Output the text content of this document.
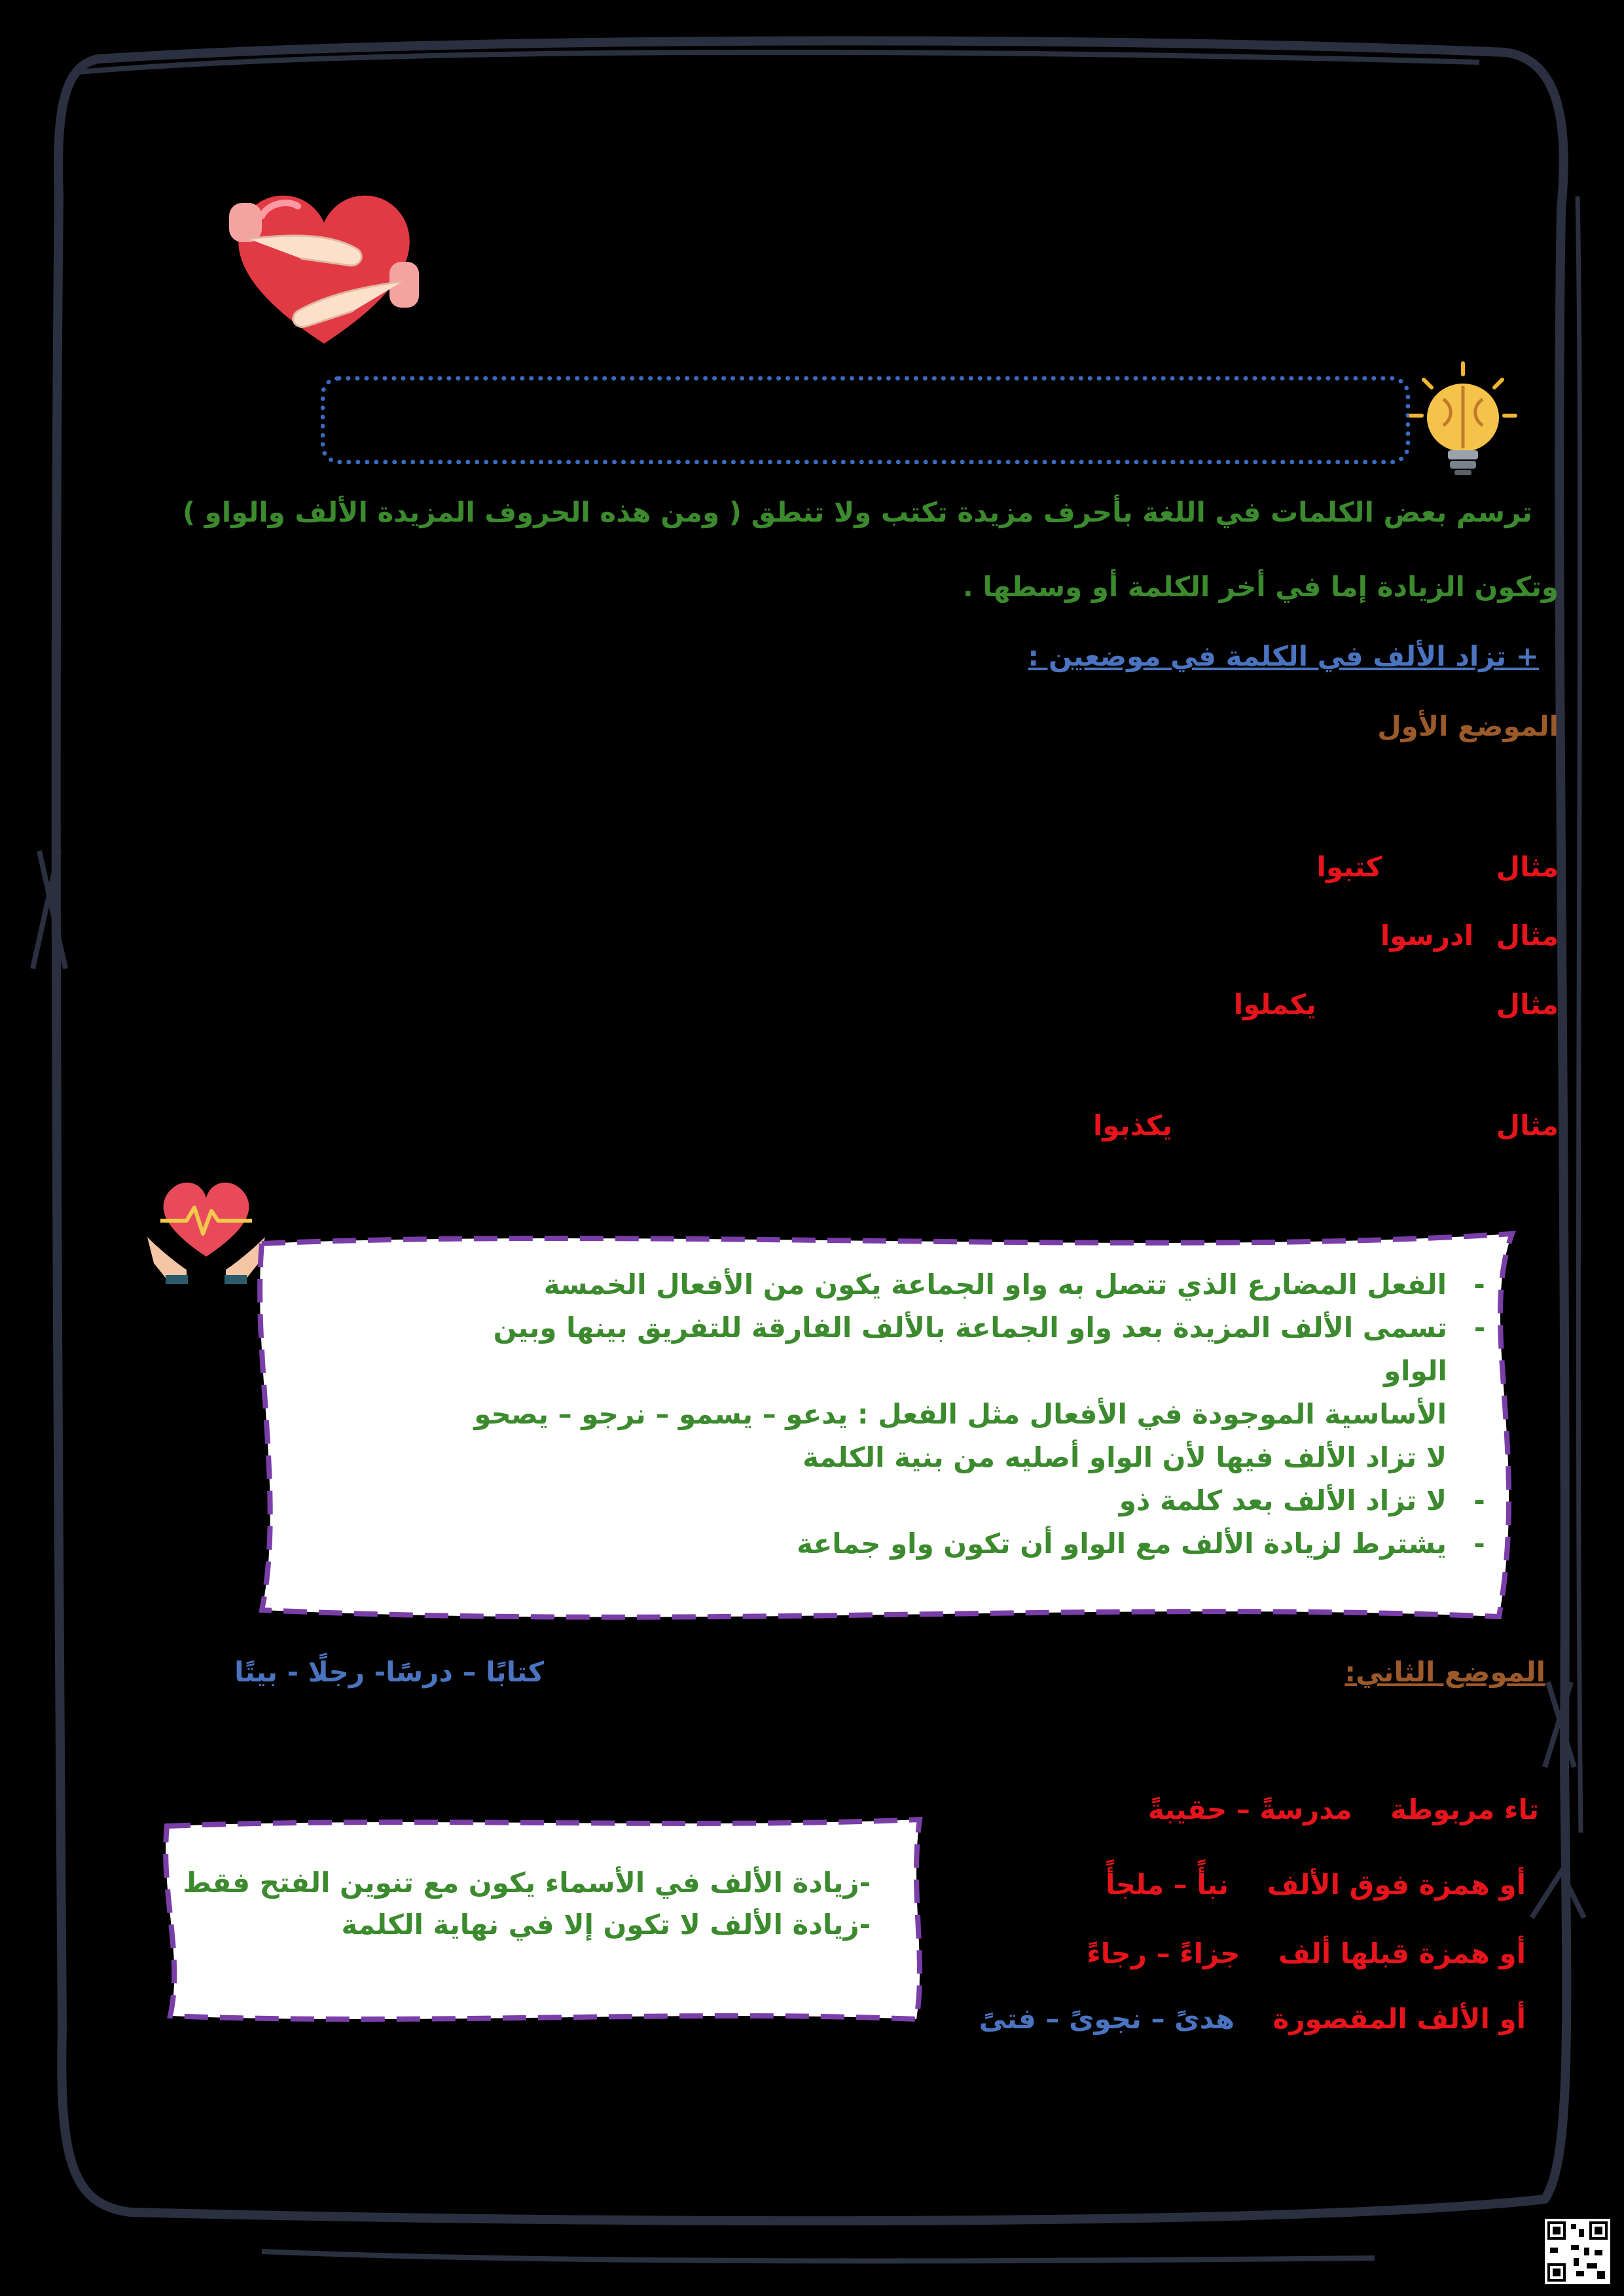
ترسم بعض الكلمات في اللغة بأحرف مزيدة تكتب ولا تنطق ( ومن هذه الحروف المزيدة الألف والواو )
وتكون الزيادة إما في أخر الكلمة أو وسطها .
+ تزاد الألف في الكلمة في موضعين :
الموضع الأول
مثال
كتبوا
مثال
ادرسوا
مثال
يكملوا
مثال
يكذبوا
-
الفعل المضارع الذي تتصل به واو الجماعة يكون من الأفعال الخمسة
-
تسمى الألف المزيدة بعد واو الجماعة بالألف الفارقة للتفريق بينها وبين الواو
الأساسية الموجودة في الأفعال مثل الفعل : يدعو – يسمو – نرجو – يصحو
لا تزاد الألف فيها لأن الواو أصليه من بنية الكلمة
-
لا تزاد الألف بعد كلمة ذو
-
يشترط لزيادة الألف مع الواو أن تكون واو جماعة
الموضع الثاني:
كتابًا – درسًا- رجلًا - بيتًا
تاء مربوطة    مدرسةً – حقيبةً
أو همزة فوق الألف    نبأً – ملجأً
أو همزة قبلها ألف    جزاءً – رجاءً
أو الألف المقصورة    هدىً – نجوىً – فتىً
-زيادة الألف في الأسماء يكون مع تنوين الفتح فقط
-زيادة الألف لا تكون إلا في نهاية الكلمة
